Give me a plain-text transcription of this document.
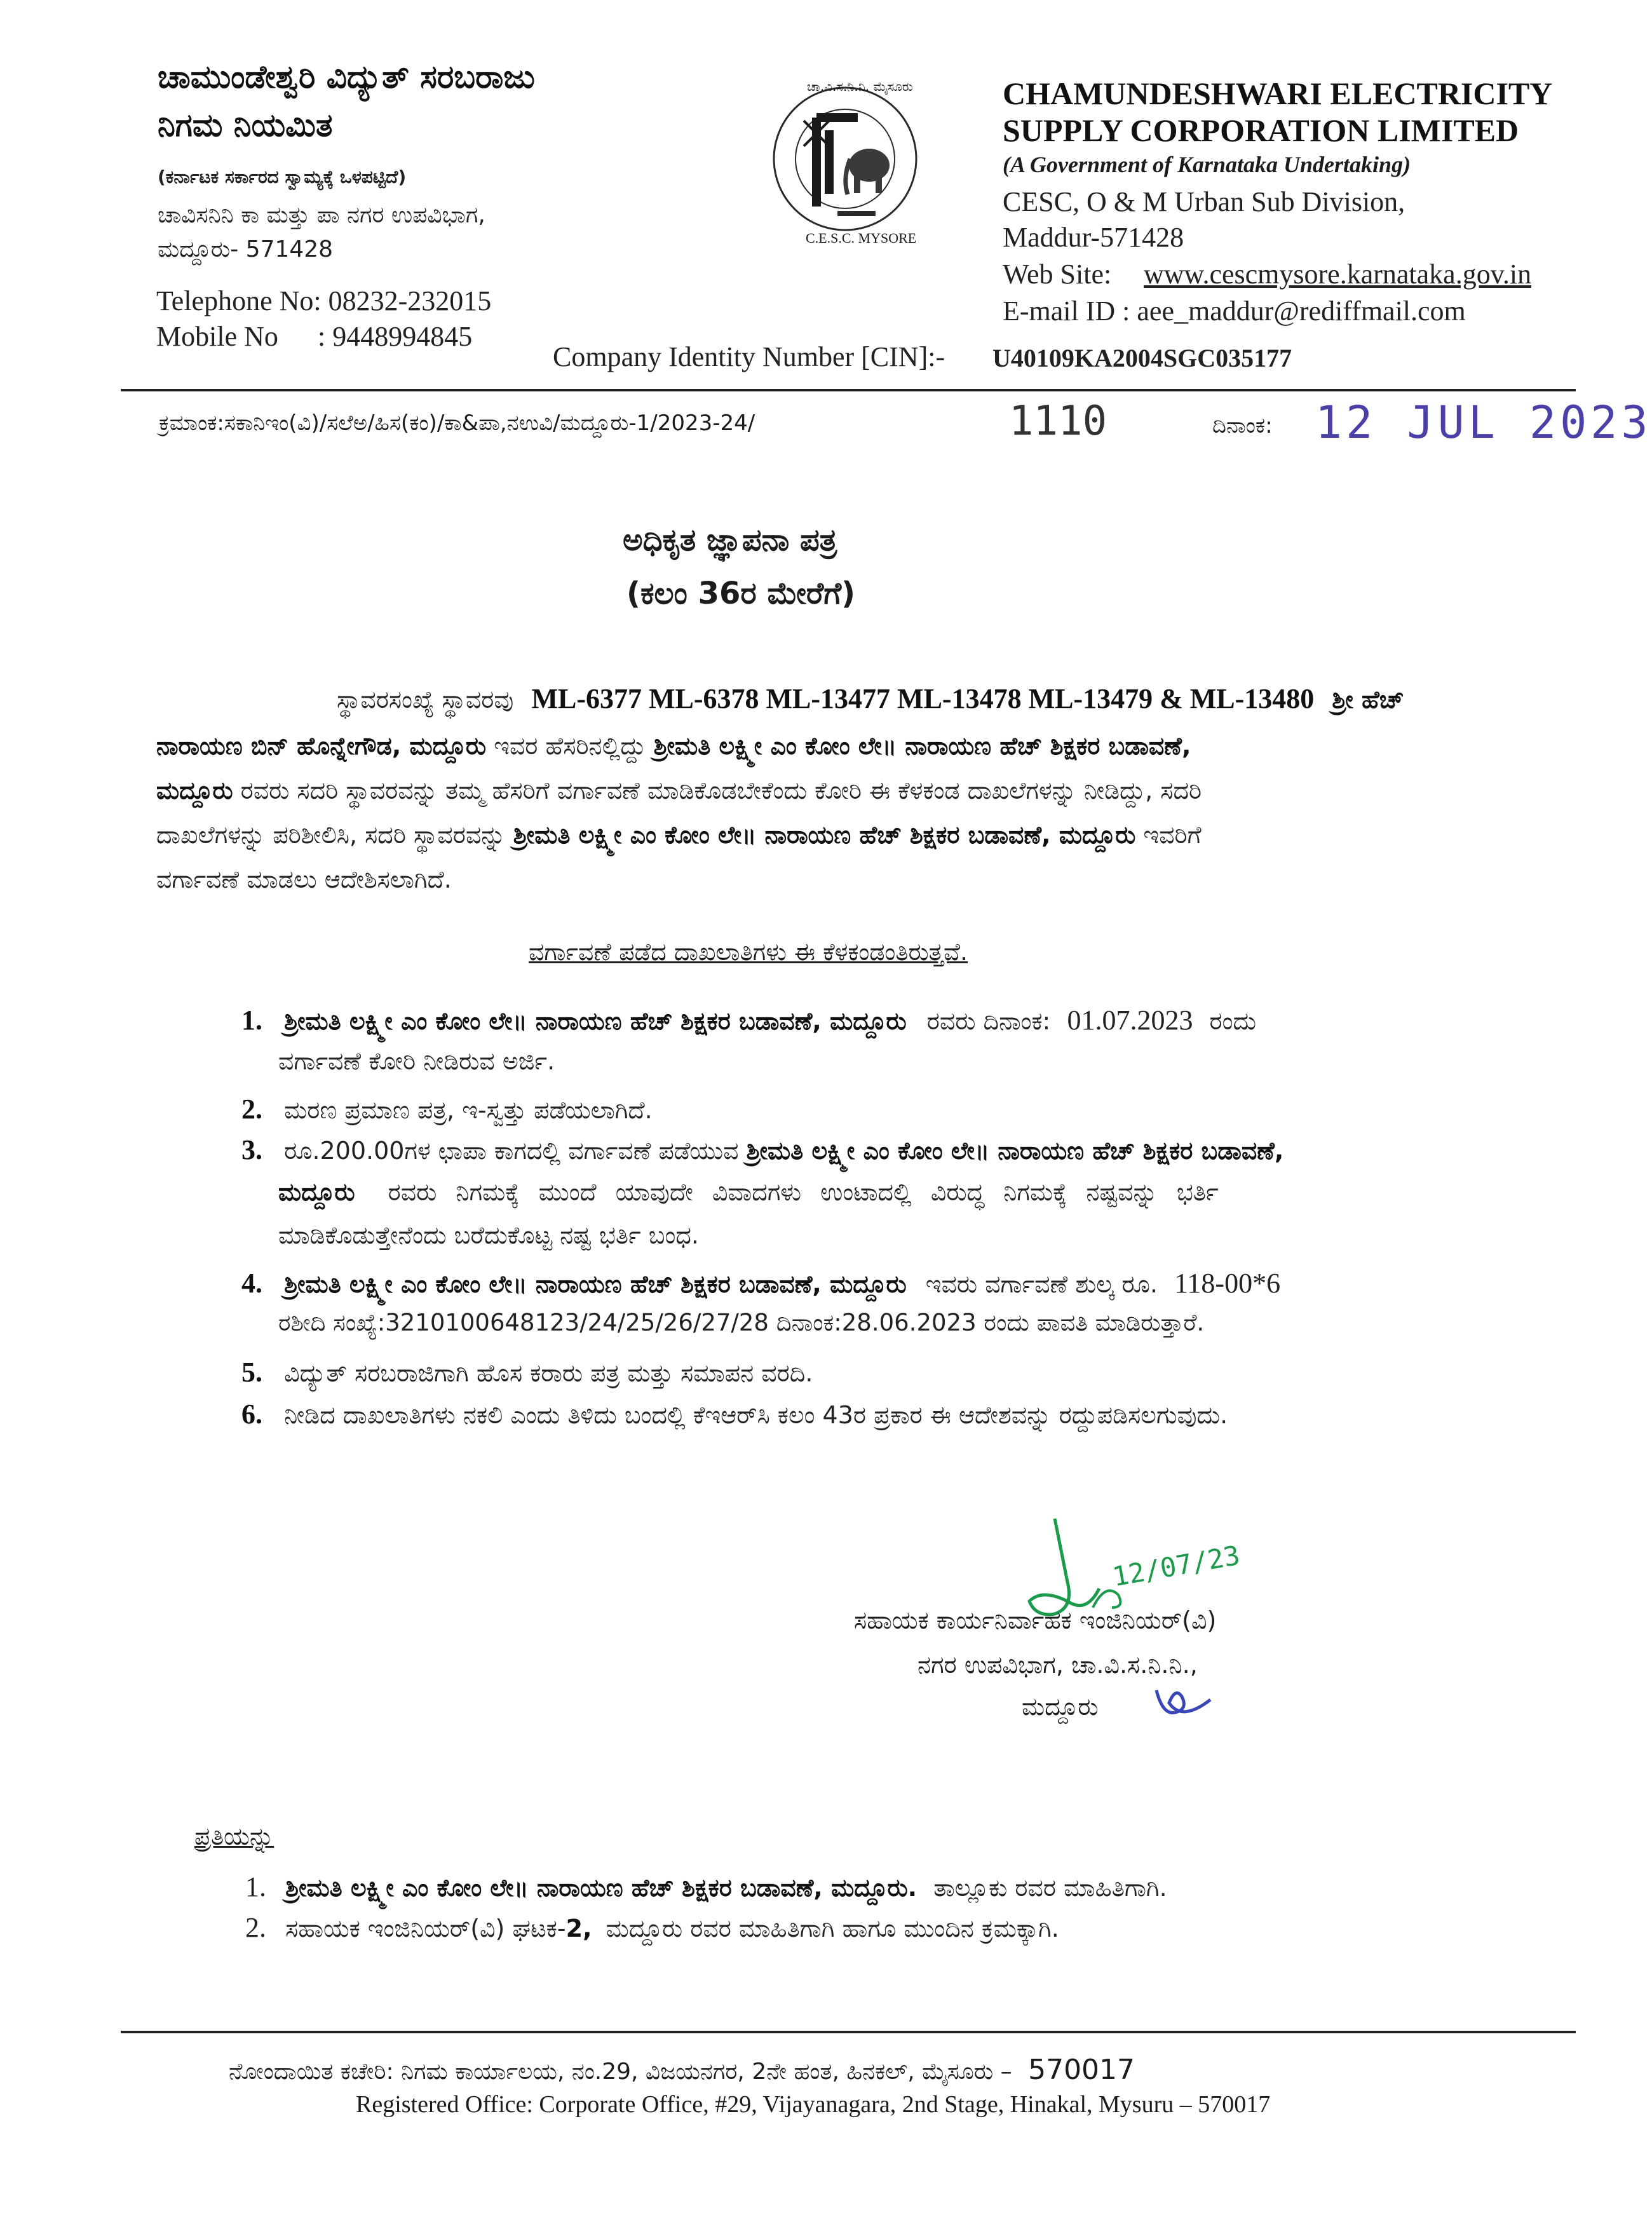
ಚಾಮುಂಡೇಶ್ವರಿ ವಿದ್ಯುತ್ ಸರಬರಾಜು
ನಿಗಮ ನಿಯಮಿತ
(ಕರ್ನಾಟಕ ಸರ್ಕಾರದ ಸ್ವಾಮ್ಯಕ್ಕೆ ಒಳಪಟ್ಟಿದೆ)
ಚಾವಿಸನಿನಿ ಕಾ ಮತ್ತು ಪಾ ನಗರ ಉಪವಿಭಾಗ,
ಮದ್ದೂರು- 571428
Telephone No: 08232-232015
Mobile No : 9448994845
ಚಾ.ವಿ.ಸ.ನಿ.ನಿ. ಮೈಸೂರು
C.E.S.C. MYSORE
CHAMUNDESHWARI ELECTRICITY
SUPPLY CORPORATION LIMITED
(A Government of Karnataka Undertaking)
CESC, O & M Urban Sub Division,
Maddur-571428
Web Site: www.cescmysore.karnataka.gov.in
E-mail ID : aee_maddur@rediffmail.com
Company Identity Number [CIN]:- U40109KA2004SGC035177
ಕ್ರಮಾಂಕ:ಸಕಾನಿಇಂ(ವಿ)/ಸಲೆಅ/ಹಿಸ(ಕಂ)/ಕಾ&ಪಾ,ನಉವಿ/ಮದ್ದೂರು-1/2023-24/	1110	ದಿನಾಂಕ: 12 JUL 2023
ಅಧಿಕೃತ ಜ್ಞಾಪನಾ ಪತ್ರ
(ಕಲಂ 36ರ ಮೇರೆಗೆ)
ಸ್ಥಾವರಸಂಖ್ಯೆ ಸ್ಥಾವರವು ML-6377 ML-6378 ML-13477 ML-13478 ML-13479 & ML-13480 ಶ್ರೀ ಹೆಚ್
ನಾರಾಯಣ ಬಿನ್ ಹೊನ್ನೇಗೌಡ, ಮದ್ದೂರು ಇವರ ಹೆಸರಿನಲ್ಲಿದ್ದು ಶ್ರೀಮತಿ ಲಕ್ಷ್ಮೀ ಎಂ ಕೋಂ ಲೇ॥ ನಾರಾಯಣ ಹೆಚ್ ಶಿಕ್ಷಕರ ಬಡಾವಣೆ,
ಮದ್ದೂರು ರವರು ಸದರಿ ಸ್ಥಾವರವನ್ನು ತಮ್ಮ ಹೆಸರಿಗೆ ವರ್ಗಾವಣೆ ಮಾಡಿಕೊಡಬೇಕೆಂದು ಕೋರಿ ಈ ಕೆಳಕಂಡ ದಾಖಲೆಗಳನ್ನು ನೀಡಿದ್ದು, ಸದರಿ
ದಾಖಲೆಗಳನ್ನು ಪರಿಶೀಲಿಸಿ, ಸದರಿ ಸ್ಥಾವರವನ್ನು ಶ್ರೀಮತಿ ಲಕ್ಷ್ಮೀ ಎಂ ಕೋಂ ಲೇ॥ ನಾರಾಯಣ ಹೆಚ್ ಶಿಕ್ಷಕರ ಬಡಾವಣೆ, ಮದ್ದೂರು ಇವರಿಗೆ
ವರ್ಗಾವಣೆ ಮಾಡಲು ಆದೇಶಿಸಲಾಗಿದೆ.
ವರ್ಗಾವಣೆ ಪಡೆದ ದಾಖಲಾತಿಗಳು ಈ ಕೆಳಕಂಡಂತಿರುತ್ತವೆ.
1. ಶ್ರೀಮತಿ ಲಕ್ಷ್ಮೀ ಎಂ ಕೋಂ ಲೇ॥ ನಾರಾಯಣ ಹೆಚ್ ಶಿಕ್ಷಕರ ಬಡಾವಣೆ, ಮದ್ದೂರು ರವರು ದಿನಾಂಕ: 01.07.2023 ರಂದು
ವರ್ಗಾವಣೆ ಕೋರಿ ನೀಡಿರುವ ಅರ್ಜಿ.
2. ಮರಣ ಪ್ರಮಾಣ ಪತ್ರ, ಇ-ಸ್ವತ್ತು ಪಡೆಯಲಾಗಿದೆ.
3. ರೂ.200.00ಗಳ ಛಾಪಾ ಕಾಗದಲ್ಲಿ ವರ್ಗಾವಣೆ ಪಡೆಯುವ ಶ್ರೀಮತಿ ಲಕ್ಷ್ಮೀ ಎಂ ಕೋಂ ಲೇ॥ ನಾರಾಯಣ ಹೆಚ್ ಶಿಕ್ಷಕರ ಬಡಾವಣೆ,
ಮದ್ದೂರು ರವರು ನಿಗಮಕ್ಕೆ ಮುಂದೆ ಯಾವುದೇ ವಿವಾದಗಳು ಉಂಟಾದಲ್ಲಿ ವಿರುದ್ಧ ನಿಗಮಕ್ಕೆ ನಷ್ಟವನ್ನು ಭರ್ತಿ
ಮಾಡಿಕೊಡುತ್ತೇನೆಂದು ಬರೆದುಕೊಟ್ಟ ನಷ್ಟ ಭರ್ತಿ ಬಂಧ.
4. ಶ್ರೀಮತಿ ಲಕ್ಷ್ಮೀ ಎಂ ಕೋಂ ಲೇ॥ ನಾರಾಯಣ ಹೆಚ್ ಶಿಕ್ಷಕರ ಬಡಾವಣೆ, ಮದ್ದೂರು ಇವರು ವರ್ಗಾವಣೆ ಶುಲ್ಕ ರೂ. 118-00*6
ರಶೀದಿ ಸಂಖ್ಯೆ:3210100648123/24/25/26/27/28 ದಿನಾಂಕ:28.06.2023 ರಂದು ಪಾವತಿ ಮಾಡಿರುತ್ತಾರೆ.
5. ವಿದ್ಯುತ್ ಸರಬರಾಜಿಗಾಗಿ ಹೊಸ ಕರಾರು ಪತ್ರ ಮತ್ತು ಸಮಾಪನ ವರದಿ.
6. ನೀಡಿದ ದಾಖಲಾತಿಗಳು ನಕಲಿ ಎಂದು ತಿಳಿದು ಬಂದಲ್ಲಿ ಕೆಇಆರ್‌ಸಿ ಕಲಂ 43ರ ಪ್ರಕಾರ ಈ ಆದೇಶವನ್ನು ರದ್ದುಪಡಿಸಲಗುವುದು.
12/07/23
ಸಹಾಯಕ ಕಾರ್ಯನಿರ್ವಾಹಕ ಇಂಜಿನಿಯರ್(ವಿ)
ನಗರ ಉಪವಿಭಾಗ, ಚಾ.ವಿ.ಸ.ನಿ.ನಿ.,
ಮದ್ದೂರು
ಪ್ರತಿಯನ್ನು
1. ಶ್ರೀಮತಿ ಲಕ್ಷ್ಮೀ ಎಂ ಕೋಂ ಲೇ॥ ನಾರಾಯಣ ಹೆಚ್ ಶಿಕ್ಷಕರ ಬಡಾವಣೆ, ಮದ್ದೂರು. ತಾಲ್ಲೂಕು ರವರ ಮಾಹಿತಿಗಾಗಿ.
2. ಸಹಾಯಕ ಇಂಜಿನಿಯರ್(ವಿ) ಘಟಕ-2, ಮದ್ದೂರು ರವರ ಮಾಹಿತಿಗಾಗಿ ಹಾಗೂ ಮುಂದಿನ ಕ್ರಮಕ್ಕಾಗಿ.
ನೋಂದಾಯಿತ ಕಚೇರಿ: ನಿಗಮ ಕಾರ್ಯಾಲಯ, ನಂ.29, ವಿಜಯನಗರ, 2ನೇ ಹಂತ, ಹಿನಕಲ್, ಮೈಸೂರು – 570017
Registered Office: Corporate Office, #29, Vijayanagara, 2nd Stage, Hinakal, Mysuru – 570017
